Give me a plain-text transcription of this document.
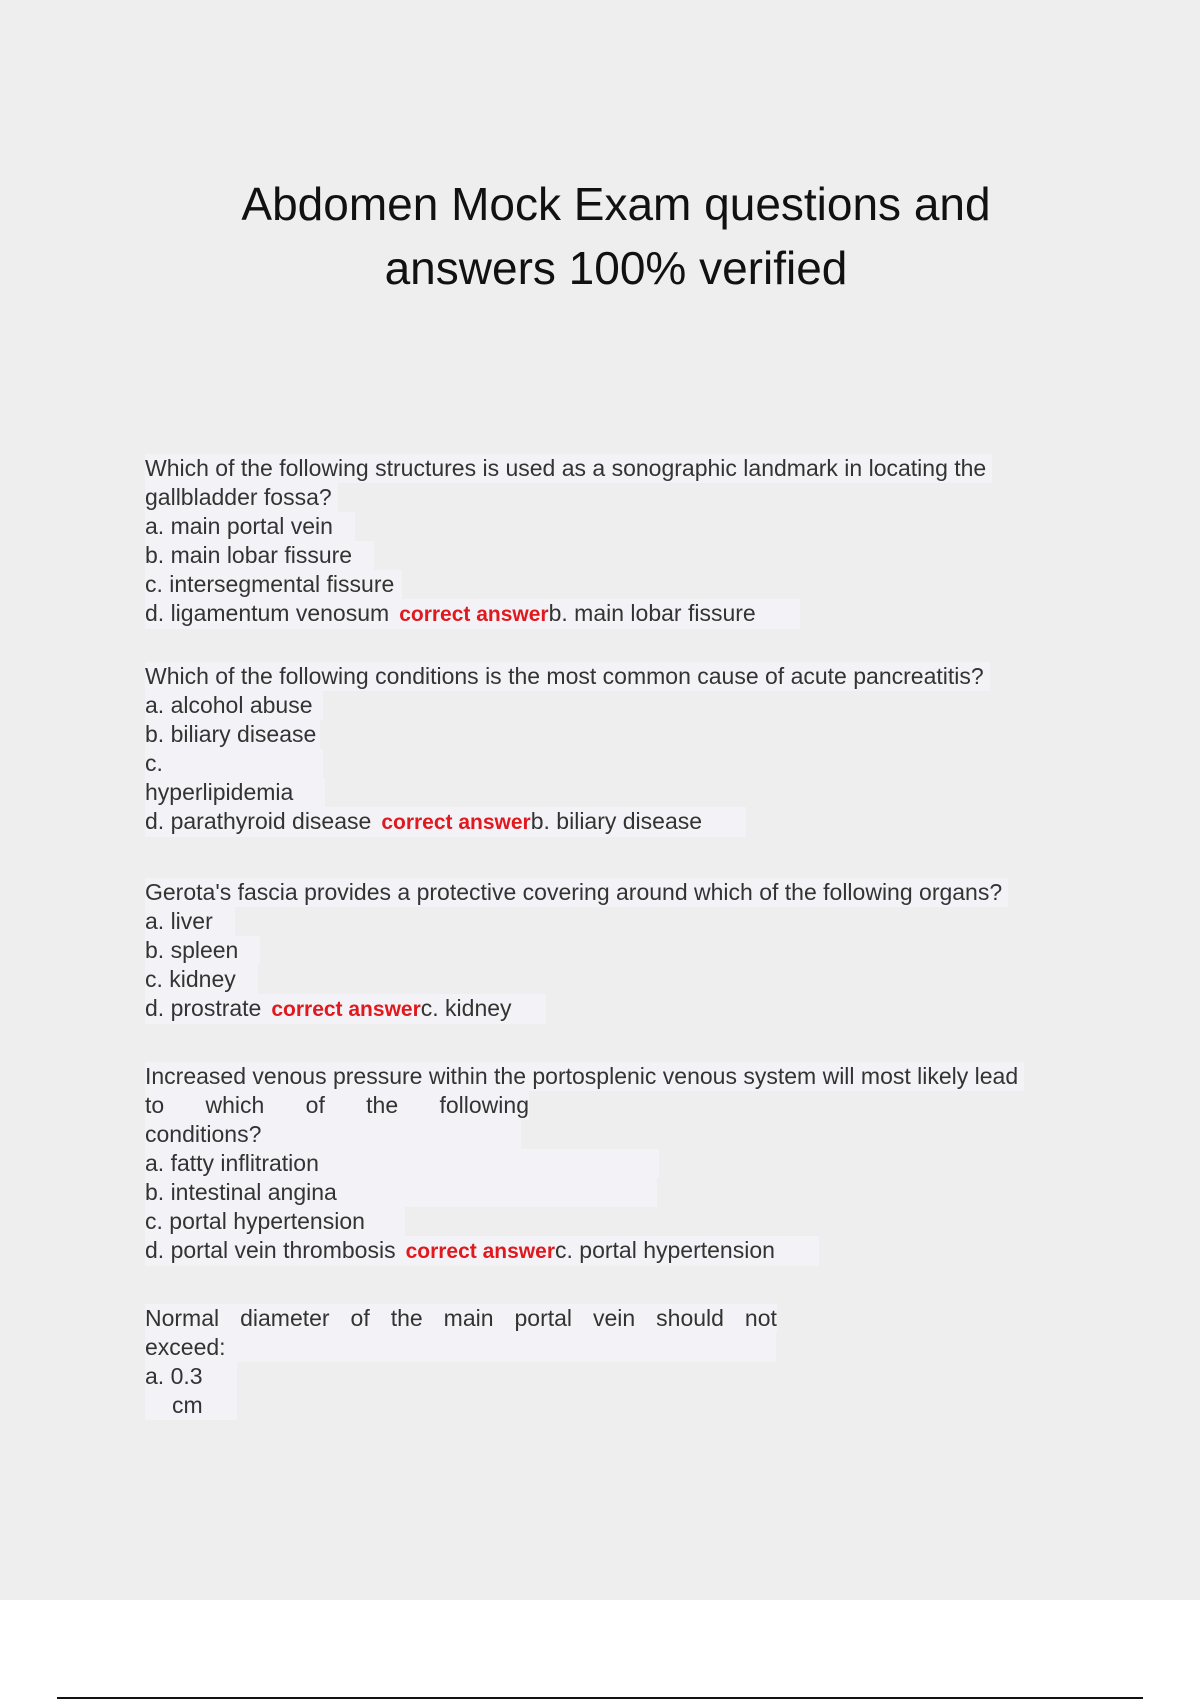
Abdomen Mock Exam questions and
answers 100% verified
Which of the following structures is used as a sonographic landmark in locating the
gallbladder fossa?
a. main portal vein
b. main lobar fissure
c. intersegmental fissure
d. ligamentum venosum correct answerb. main lobar fissure
Which of the following conditions is the most common cause of acute pancreatitis?
a. alcohol abuse
b. biliary disease
c.
hyperlipidemia
d. parathyroid disease correct answerb. biliary disease
Gerota's fascia provides a protective covering around which of the following organs?
a. liver
b. spleen
c. kidney
d. prostrate correct answerc. kidney
Increased venous pressure within the portosplenic venous system will most likely lead
to which of the following
conditions?
a. fatty inflitration
b. intestinal angina
c. portal hypertension
d. portal vein thrombosis correct answerc. portal hypertension
Normal diameter of the main portal vein should not
exceed:
a. 0.3
cm
